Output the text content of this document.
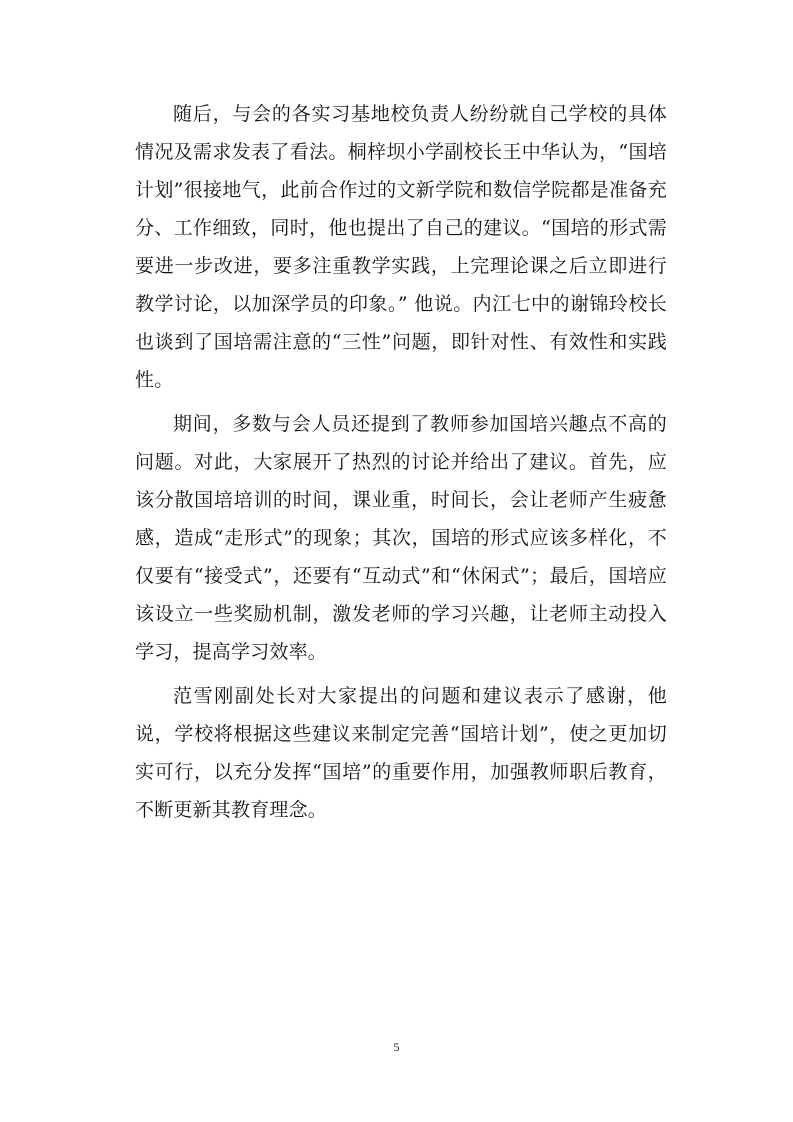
随后，与会的各实习基地校负责人纷纷就自己学校的具体情况及需求发表了看法。桐梓坝小学副校长王中华认为，“国培计划”很接地气，此前合作过的文新学院和数信学院都是准备充分、工作细致，同时，他也提出了自己的建议。“国培的形式需要进一步改进，要多注重教学实践，上完理论课之后立即进行教学讨论，以加深学员的印象。” 他说。内江七中的谢锦玲校长也谈到了国培需注意的“三性”问题，即针对性、有效性和实践性。

期间，多数与会人员还提到了教师参加国培兴趣点不高的问题。对此，大家展开了热烈的讨论并给出了建议。首先，应该分散国培培训的时间，课业重，时间长，会让老师产生疲惫感，造成“走形式”的现象；其次，国培的形式应该多样化，不仅要有“接受式”，还要有“互动式”和“休闲式”；最后，国培应该设立一些奖励机制，激发老师的学习兴趣，让老师主动投入学习，提高学习效率。

范雪刚副处长对大家提出的问题和建议表示了感谢，他说，学校将根据这些建议来制定完善“国培计划”，使之更加切实可行，以充分发挥“国培”的重要作用，加强教师职后教育，不断更新其教育理念。

5
